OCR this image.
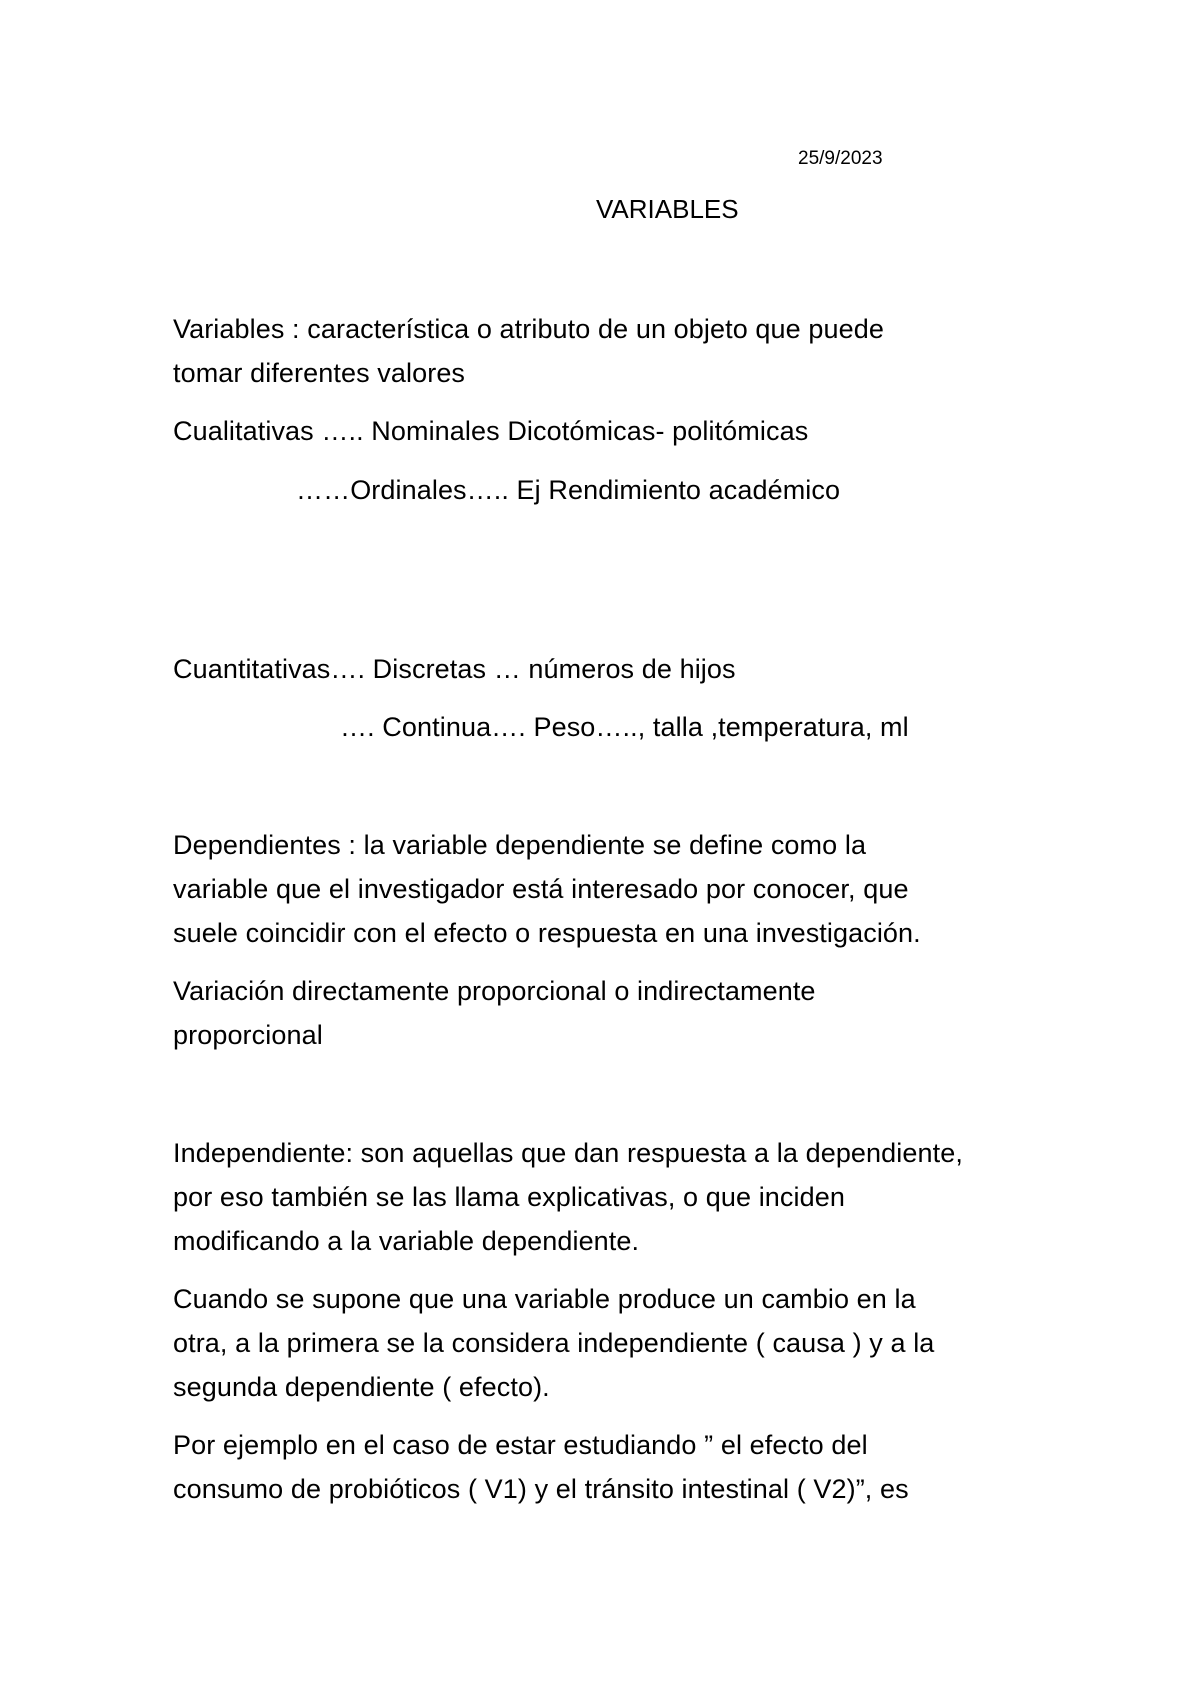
25/9/2023
VARIABLES
Variables : característica o atributo de un objeto que puede
tomar diferentes valores
Cualitativas ….. Nominales Dicotómicas- politómicas
……Ordinales….. Ej Rendimiento académico
Cuantitativas…. Discretas … números de hijos
…. Continua…. Peso….., talla ,temperatura, ml
Dependientes : la variable dependiente se define como la
variable que el investigador está interesado por conocer, que
suele coincidir con el efecto o respuesta en una investigación.
Variación directamente proporcional o indirectamente
proporcional
Independiente: son aquellas que dan respuesta a la dependiente,
por eso también se las llama explicativas, o que inciden
modificando a la variable dependiente.
Cuando se supone que una variable produce un cambio en la
otra, a la primera se la considera independiente ( causa ) y a la
segunda dependiente ( efecto).
Por ejemplo en el caso de estar estudiando ” el efecto del
consumo de probióticos ( V1) y el tránsito intestinal ( V2)”, es
